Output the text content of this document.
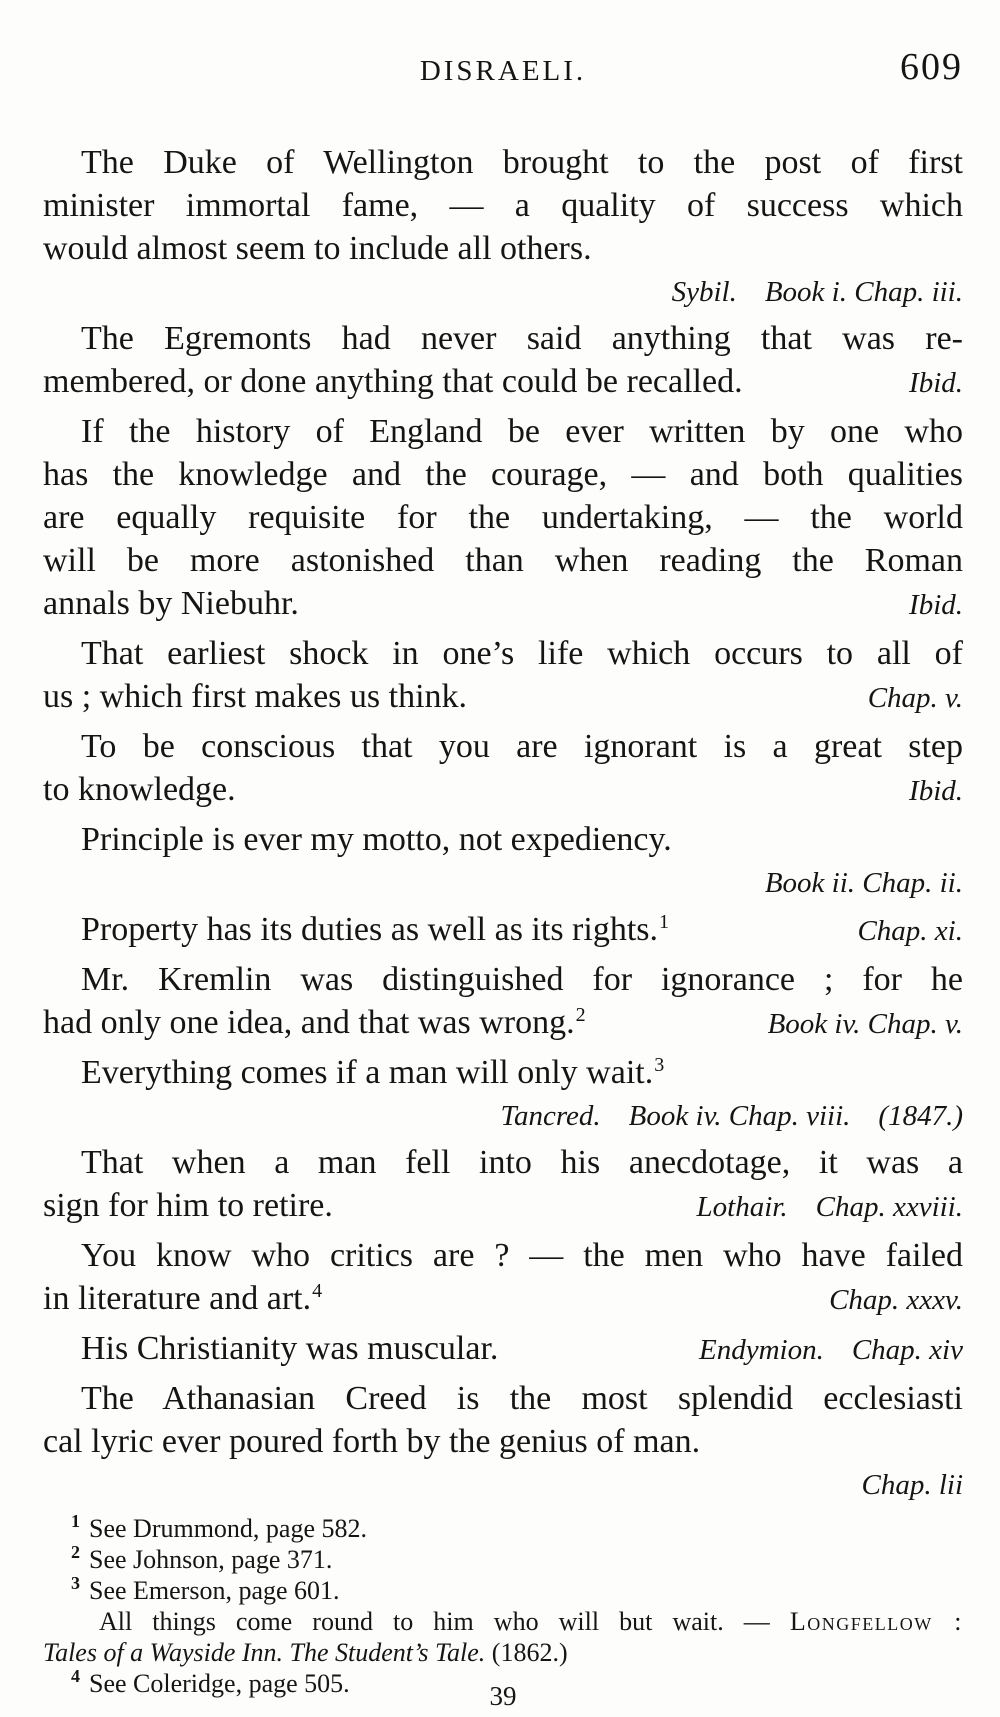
DISRAELI.	609
The Duke of Wellington brought to the post of first
minister immortal fame, — a quality of success which
would almost seem to include all others.
Sybil. Book i. Chap. iii.
The Egremonts had never said anything that was re-
membered, or done anything that could be recalled.	Ibid.
If the history of England be ever written by one who
has the knowledge and the courage, — and both qualities
are equally requisite for the undertaking, — the world
will be more astonished than when reading the Roman
annals by Niebuhr.	Ibid.
That earliest shock in one’s life which occurs to all of
us ; which first makes us think.	Chap. v.
To be conscious that you are ignorant is a great step
to knowledge.	Ibid.
Principle is ever my motto, not expediency.
Book ii. Chap. ii.
Property has its duties as well as its rights.$^1$	Chap. xi.
Mr. Kremlin was distinguished for ignorance ; for he
had only one idea, and that was wrong.$^2$	Book iv. Chap. v.
Everything comes if a man will only wait.$^3$
Tancred. Book iv. Chap. viii. (1847.)
That when a man fell into his anecdotage, it was a
sign for him to retire.	Lothair. Chap. xxviii.
You know who critics are ? — the men who have failed
in literature and art.$^4$	Chap. xxxv.
His Christianity was muscular.	Endymion. Chap. xiv
The Athanasian Creed is the most splendid ecclesiasti
cal lyric ever poured forth by the genius of man.
Chap. lii
$^1$ See Drummond, page 582.
$^2$ See Johnson, page 371.
$^3$ See Emerson, page 601.
All things come round to him who will but wait. — Longfellow :
Tales of a Wayside Inn. The Student’s Tale. (1862.)
$^4$ See Coleridge, page 505.	39
